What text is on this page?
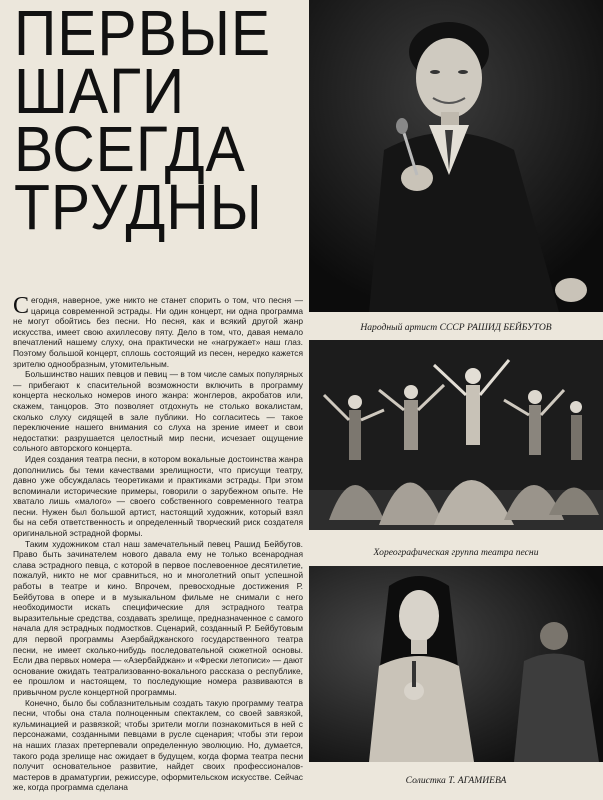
ПЕРВЫЕ
ШАГИ
ВСЕГДА
ТРУДНЫ

Сегодня, наверное, уже никто не станет спорить о том, что песня — царица современной эстрады. Ни один концерт, ни одна программа не могут обойтись без песни. Но песня, как и всякий другой жанр искусства, имеет свою ахиллесову пяту. Дело в том, что, давая немало впечатлений нашему слуху, она практически не «нагружает» наш глаз. Поэтому большой концерт, сплошь состоящий из песен, нередко кажется зрителю однообразным, утомительным.

Большинство наших певцов и певиц — в том числе самых популярных — прибегают к спасительной возможности включить в программу концерта несколько номеров иного жанра: жонглеров, акробатов или, скажем, танцоров. Это позволяет отдохнуть не столько вокалистам, сколько слуху сидящей в зале публики. Но согласитесь — такое переключение нашего внимания со слуха на зрение имеет и свои недостатки: разрушается целостный мир песни, исчезает ощущение сольного авторского концерта.

Идея создания театра песни, в котором вокальные достоинства жанра дополнились бы теми качествами зрелищности, что присущи театру, давно уже обсуждалась теоретиками и практиками эстрады. При этом вспоминали исторические примеры, говорили о зарубежном опыте. Не хватало лишь «малого» — своего собственного современного театра песни. Нужен был большой артист, настоящий художник, который взял бы на себя ответственность и определенный творческий риск создателя оригинальной эстрадной формы.

Таким художником стал наш замечательный певец Рашид Бейбутов. Право быть зачинателем нового давала ему не только всенародная слава эстрадного певца, с которой в первое послевоенное десятилетие, пожалуй, никто не мог сравниться, но и многолетний опыт успешной работы в театре и кино. Впрочем, превосходные достижения Р. Бейбутова в опере и в музыкальном фильме не снимали с него необходимости искать специфические для эстрадного театра выразительные средства, создавать зрелище, предназначенное с самого начала для эстрадных подмостков. Сценарий, созданный Р. Бейбутовым для первой программы Азербайджанского государственного театра песни, не имеет сколько-нибудь последовательной сюжетной основы. Если два первых номера — «Азербайджан» и «Фрески летописи» — дают основание ожидать театрализованно-вокального рассказа о республике, ее прошлом и настоящем, то последующие номера развиваются в привычном русле концертной программы.

Конечно, было бы соблазнительным создать такую программу театра песни, чтобы она стала полноценным спектаклем, со своей завязкой, кульминацией и развязкой; чтобы зрители могли познакомиться в ней с персонажами, созданными певцами в русле сценария; чтобы эти герои на наших глазах претерпевали определенную эволюцию. Но, думается, такого рода зрелище нас ожидает в будущем, когда форма театра песни получит основательное развитие, найдет своих профессионалов-мастеров в драматургии, режиссуре, оформительском искусстве. Сейчас же, когда программа сделана

Народный артист СССР РАШИД БЕЙБУТОВ
Хореографическая группа театра песни
Солистка Т. АГАМИЕВА
